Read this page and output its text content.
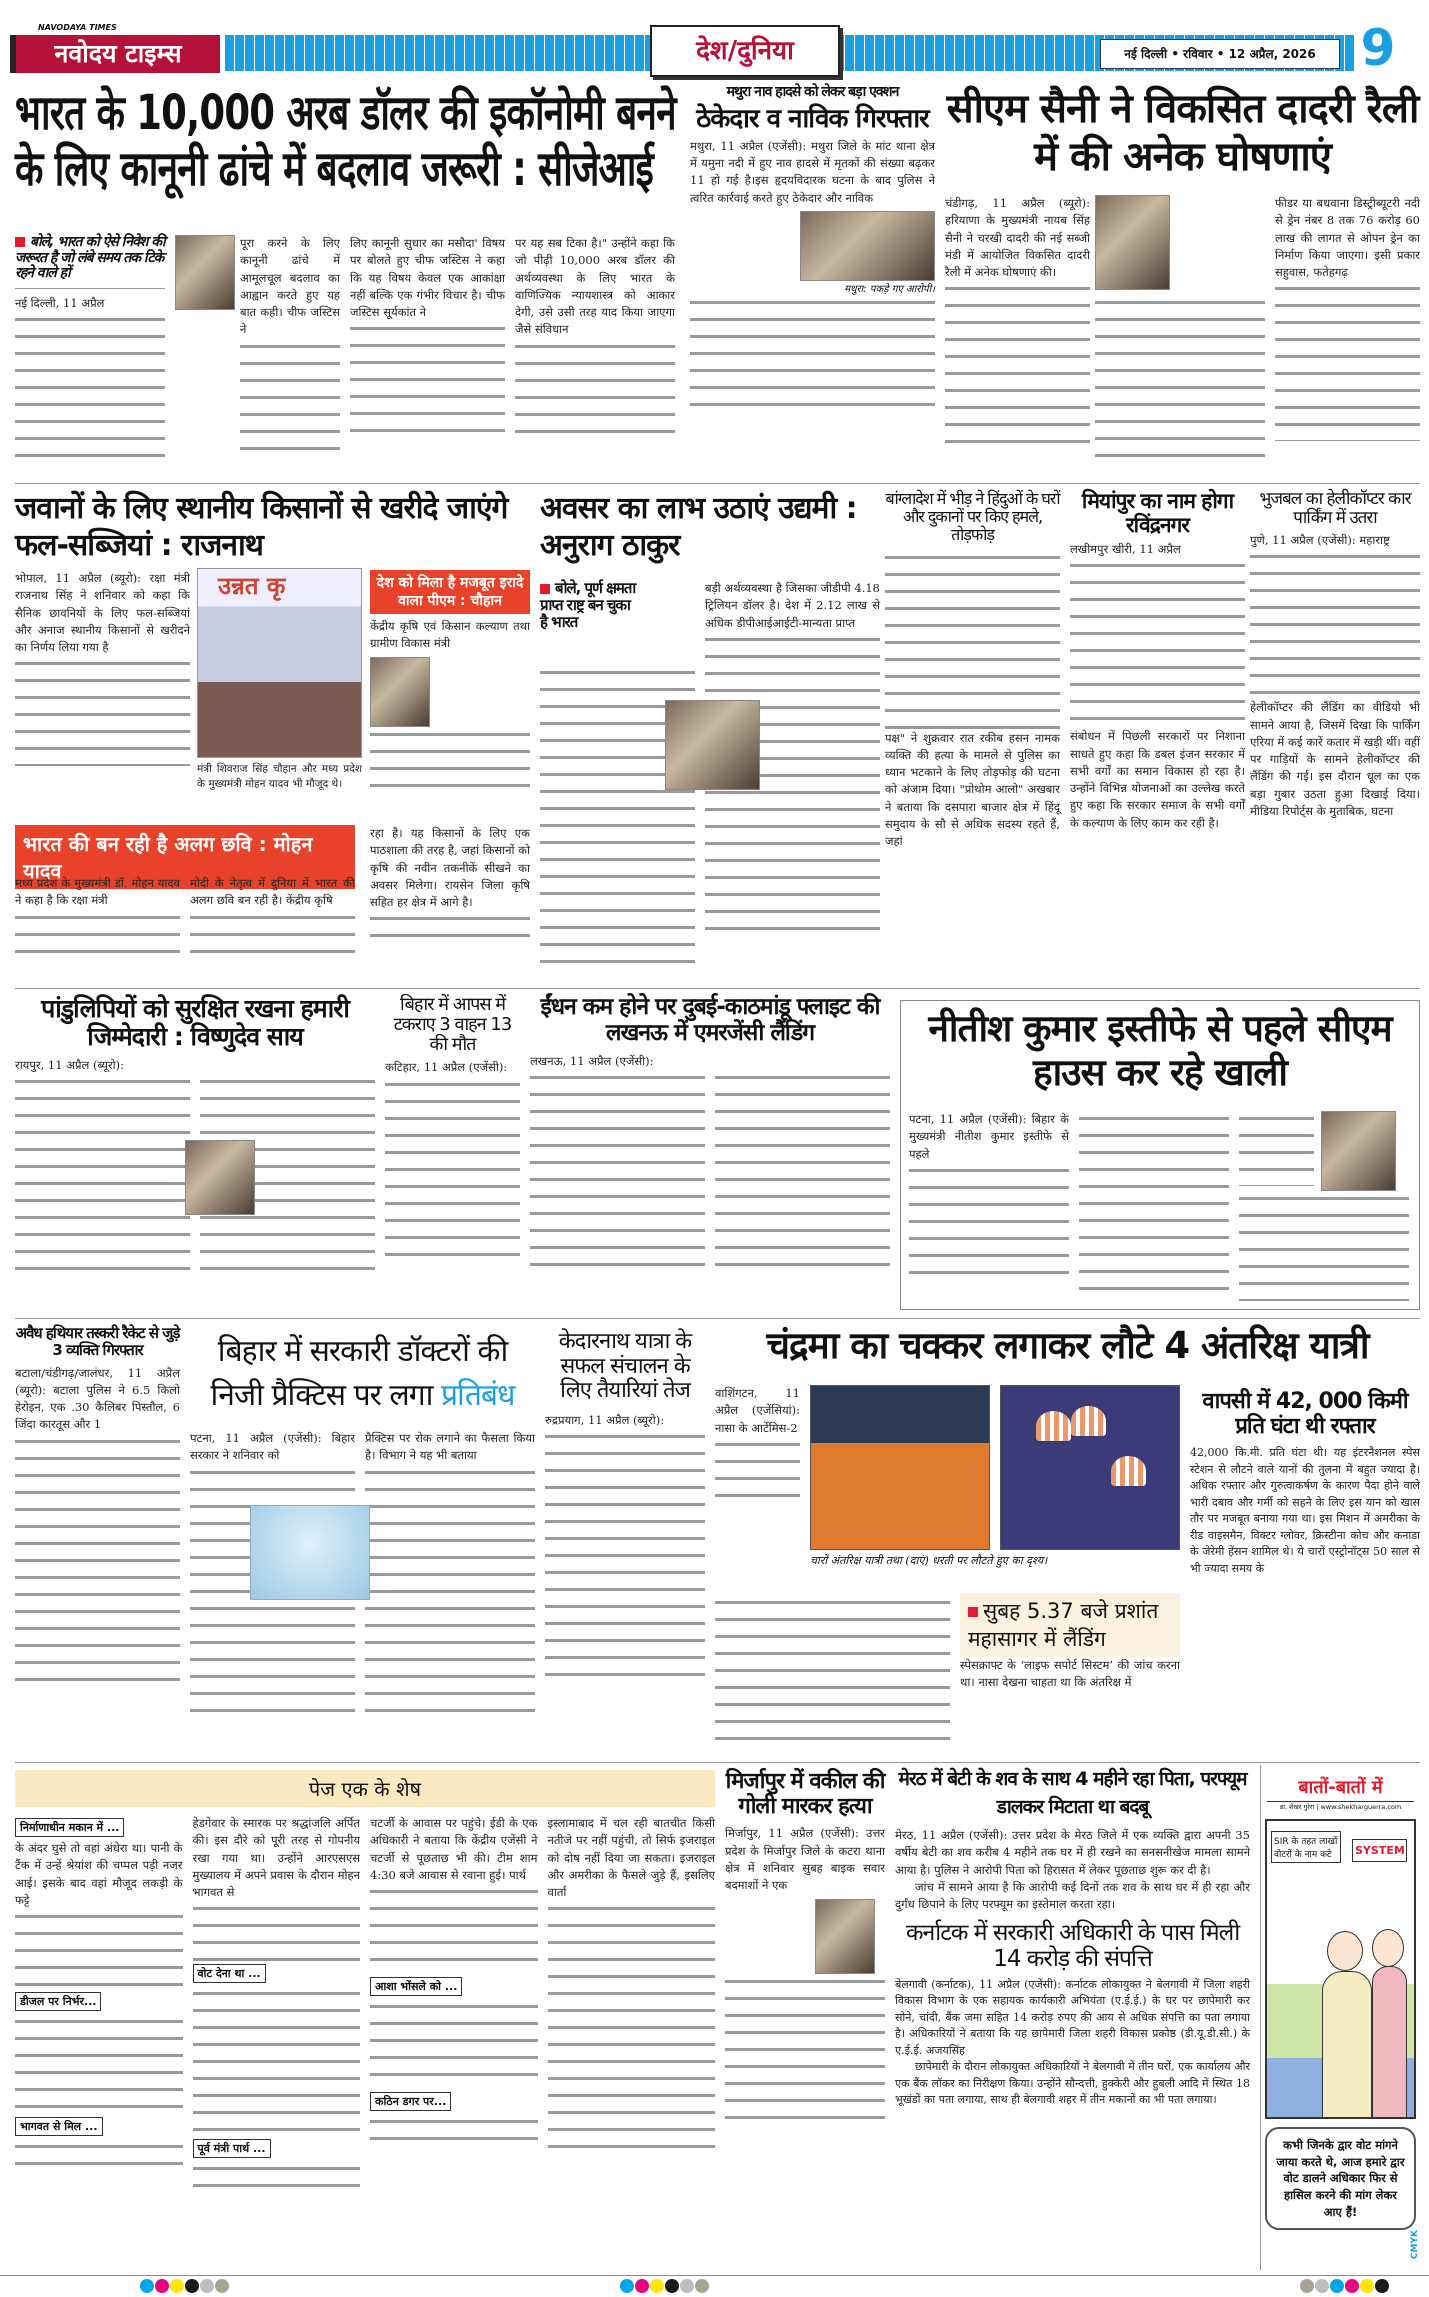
NAVODAYA TIMES
नवोदय टाइम्स	देश/दुनिया	नई दिल्ली • रविवार • 12 अप्रैल, 2026 9
भारत के 10,000 अरब डॉलर की इकॉनोमी बनने के लिए कानूनी ढांचे में बदलाव जरूरी : सीजेआई
बोले, भारत को ऐसे निवेश की जरूरत है जो लंबे समय तक टिके रहने वाले हों
नई दिल्ली, 11 अप्रैल
पूरा करने के लिए कानूनी ढांचे में आमूलचूल बदलाव का आह्वान करते हुए यह बात कही। चीफ जस्टिस ने
लिए कानूनी सुधार का मसौदा' विषय पर बोलते हुए चीफ जस्टिस ने कहा कि यह विषय केवल एक आकांक्षा नहीं बल्कि एक गंभीर विचार है। चीफ जस्टिस सूर्यकांत ने
पर यह सब टिका है।" उन्होंने कहा कि जो पीढ़ी 10,000 अरब डॉलर की अर्थव्यवस्था के लिए भारत के वाणिज्यिक न्यायशास्त्र को आकार देगी, उसे उसी तरह याद किया जाएगा जैसे संविधान
मथुरा नाव हादसे को लेकर बड़ा एक्शन
ठेकेदार व नाविक गिरफ्तार
मथुरा, 11 अप्रैल (एजेंसी): मथुरा जिले के मांट थाना क्षेत्र में यमुना नदी में हुए नाव हादसे में मृतकों की संख्या बढ़कर 11 हो गई है।इस हृदयविदारक घटना के बाद पुलिस ने त्वरित कार्रवाई करते हुए ठेकेदार और नाविक
मथुरा: पकड़े गए आरोपी।
सीएम सैनी ने विकसित दादरी रैली में की अनेक घोषणाएं
चंडीगढ़, 11 अप्रैल (ब्यूरो): हरियाणा के मुख्यमंत्री नायब सिंह सैनी ने चरखी दादरी की नई सब्जी मंडी में आयोजित विकसित दादरी रैली में अनेक घोषणाएं की।
फीडर या बधवाना डिस्ट्रीब्यूटरी नदी से ड्रेन नंबर 8 तक 76 करोड़ 60 लाख की लागत से ओपन ड्रेन का निर्माण किया जाएगा। इसी प्रकार सहुवास, फतेहगढ़
जवानों के लिए स्थानीय किसानों से खरीदे जाएंगे फल-सब्जियां : राजनाथ
भोपाल, 11 अप्रैल (ब्यूरो): रक्षा मंत्री राजनाथ सिंह ने शनिवार को कहा कि सैनिक छावनियों के लिए फल-सब्जियां और अनाज स्थानीय किसानों से खरीदने का निर्णय लिया गया है
उन्नत कृ
मंत्री शिवराज सिंह चौहान और मध्य प्रदेश के मुख्यमंत्री मोहन यादव भी मौजूद थे।
देश को मिला है मजबूत इरादे वाला पीएम : चौहान
केंद्रीय कृषि एवं किसान कल्याण तथा ग्रामीण विकास मंत्री
भारत की बन रही है अलग छवि : मोहन यादव
मध्य प्रदेश के मुख्यमंत्री डॉ. मोहन यादव ने कहा है कि रक्षा मंत्री
मोदी के नेतृत्व में दुनिया में भारत की अलग छवि बन रही है। केंद्रीय कृषि
रहा है। यह किसानों के लिए एक पाठशाला की तरह है, जहां किसानों को कृषि की नवीन तकनीकें सीखने का अवसर मिलेगा। रायसेन जिला कृषि सहित हर क्षेत्र में आगे है।
अवसर का लाभ उठाएं उद्यमी : अनुराग ठाकुर
बोले, पूर्ण क्षमता प्राप्त राष्ट्र बन चुका है भारत
बड़ी अर्थव्यवस्था है जिसका जीडीपी 4.18 ट्रिलियन डॉलर है। देश में 2.12 लाख से अधिक डीपीआईआईटी-मान्यता प्राप्त
बांग्लादेश में भीड़ ने हिंदुओं के घरों और दुकानों पर किए हमले, तोड़फोड़
पक्ष" ने शुक्रवार रात रकीब हसन नामक व्यक्ति की हत्या के मामले से पुलिस का ध्यान भटकाने के लिए तोड़फोड़ की घटना को अंजाम दिया। "प्रोथोम आलो" अखबार ने बताया कि दसपारा बाजार क्षेत्र में हिंदू समुदाय के सौ से अधिक सदस्य रहते हैं, जहां
मियांपुर का नाम होगा रविंद्रनगर
लखीमपुर खीरी, 11 अप्रैल
संबोधन में पिछली सरकारों पर निशाना साधते हुए कहा कि डबल इंजन सरकार में सभी वर्गों का समान विकास हो रहा है। उन्होंने विभिन्न योजनाओं का उल्लेख करते हुए कहा कि सरकार समाज के सभी वर्गों के कल्याण के लिए काम कर रही है।
भुजबल का हेलीकॉप्टर कार पार्किंग में उतरा
पुणे, 11 अप्रैल (एजेंसी): महाराष्ट्र
हेलीकॉप्टर की लैंडिंग का वीडियो भी सामने आया है, जिसमें दिखा कि पार्किंग एरिया में कई कारें कतार में खड़ी थीं। वहीं पर गाड़ियों के सामने हेलीकॉप्टर की लैंडिंग की गई। इस दौरान धूल का एक बड़ा गुबार उठता हुआ दिखाई दिया। मीडिया रिपोर्ट्स के मुताबिक, घटना
पांडुलिपियों को सुरक्षित रखना हमारी जिम्मेदारी : विष्णुदेव साय
रायपुर, 11 अप्रैल (ब्यूरो):
बिहार में आपस में टकराए 3 वाहन 13 की मौत
कटिहार, 11 अप्रैल (एजेंसी):
ईंधन कम होने पर दुबई-काठमांडू फ्लाइट की लखनऊ में एमरजेंसी लैंडिंग
लखनऊ, 11 अप्रैल (एजेंसी):
नीतीश कुमार इस्तीफे से पहले सीएम हाउस कर रहे खाली
पटना, 11 अप्रैल (एजेंसी): बिहार के मुख्यमंत्री नीतीश कुमार इस्तीफे से पहले
अवैध हथियार तस्करी रैकेट से जुड़े 3 व्यक्ति गिरफ्तार
बटाला/चंडीगढ़/जालंधर, 11 अप्रैल (ब्यूरो): बटाला पुलिस ने 6.5 किलो हेरोइन, एक .30 कैलिबर पिस्तौल, 6 जिंदा कारतूस और 1
बिहार में सरकारी डॉक्टरों की निजी प्रैक्टिस पर लगा प्रतिबंध
पटना, 11 अप्रैल (एजेंसी): बिहार सरकार ने शनिवार को
प्रैक्टिस पर रोक लगाने का फैसला किया है। विभाग ने यह भी बताया
केदारनाथ यात्रा के सफल संचालन के लिए तैयारियां तेज
रुद्रप्रयाग, 11 अप्रैल (ब्यूरो):
चंद्रमा का चक्कर लगाकर लौटे 4 अंतरिक्ष यात्री
वाशिंगटन, 11 अप्रैल (एजेंसियां): नासा के आर्टेमिस-2
चारों अंतरिक्ष यात्री तथा (दाएं) धरती पर लौटते हुए का दृश्य।
सुबह 5.37 बजे प्रशांत महासागर में लैंडिंग
स्पेसक्राफ्ट के ‘लाइफ सपोर्ट सिस्टम’ की जांच करना था। नासा देखना चाहता था कि अंतरिक्ष में
वापसी में 42, 000 किमी प्रति घंटा थी रफ्तार
42,000 कि.मी. प्रति घंटा थी। यह इंटरनैशनल स्पेस स्टेशन से लौटने वाले यानों की तुलना में बहुत ज्यादा है। अधिक रफ्तार और गुरुत्वाकर्षण के कारण पैदा होने वाले भारी दबाव और गर्मी को सहने के लिए इस यान को खास तौर पर मजबूत बनाया गया था। इस मिशन में अमरीका के रीड वाइसमैन, विक्टर ग्लोवर, क्रिस्टीना कोच और कनाडा के जेरेमी हेंसन शामिल थे। ये चारों एस्ट्रोनॉट्स 50 साल से भी ज्यादा समय के
पेज एक के शेष
निर्माणाधीन मकान में ...
के अंदर घुसे तो वहां अंधेरा था। पानी के टैंक में उन्हें श्रेयांश की चप्पल पड़ी नजर आई। इसके बाद वहां मौजूद लकड़ी के फट्टे
डीजल पर निर्भर...
भागवत से मिल ...
हेडगेवार के स्मारक पर श्रद्धांजलि अर्पित की। इस दौरे को पूरी तरह से गोपनीय रखा गया था। उन्होंने आरएसएस मुख्यालय में अपने प्रवास के दौरान मोहन भागवत से
वोट देना था ...
पूर्व मंत्री पार्थ ...
चटर्जी के आवास पर पहुंचे। ईडी के एक अधिकारी ने बताया कि केंद्रीय एजेंसी ने चटर्जी से पूछताछ भी की। टीम शाम 4:30 बजे आवास से रवाना हुई। पार्थ
आशा भोंसले को ...
कठिन डगर पर...
इस्लामाबाद में चल रही बातचीत किसी नतीजे पर नहीं पहुंची, तो सिर्फ इजराइल को दोष नहीं दिया जा सकता। इजराइल और अमरीका के फैसले जुड़े हैं, इसलिए वार्ता
मिर्जापुर में वकील की गोली मारकर हत्या
मिर्जापुर, 11 अप्रैल (एजेंसी): उत्तर प्रदेश के मिर्जापुर जिले के कटरा थाना क्षेत्र में शनिवार सुबह बाइक सवार बदमाशों ने एक
मेरठ में बेटी के शव के साथ 4 महीने रहा पिता, परफ्यूम डालकर मिटाता था बदबू
मेरठ, 11 अप्रैल (एजेंसी): उत्तर प्रदेश के मेरठ जिले में एक व्यक्ति द्वारा अपनी 35 वर्षीय बेटी का शव करीब 4 महीने तक घर में ही रखने का सनसनीखेज मामला सामने आया है। पुलिस ने आरोपी पिता को हिरासत में लेकर पूछताछ शुरू कर दी है।
जांच में सामने आया है कि आरोपी कई दिनों तक शव के साथ घर में ही रहा और दुर्गंध छिपाने के लिए परफ्यूम का इस्तेमाल करता रहा।
कर्नाटक में सरकारी अधिकारी के पास मिली 14 करोड़ की संपत्ति
बेलगावी (कर्नाटक), 11 अप्रैल (एजेंसी): कर्नाटक लोकायुक्त ने बेलगावी में जिला शहरी विकास विभाग के एक सहायक कार्यकारी अभियंता (ए.ई.ई.) के घर पर छापेमारी कर सोने, चांदी, बैंक जमा सहित 14 करोड़ रुपए की आय से अधिक संपत्ति का पता लगाया है। अधिकारियों ने बताया कि यह छापेमारी जिला शहरी विकास प्रकोष्ठ (डी.यू.डी.सी.) के ए.ई.ई. अजयसिंह
छापेमारी के दौरान लोकायुक्त अधिकारियों ने बेलगावी में तीन घरों, एक कार्यालय और एक बैंक लॉकर का निरीक्षण किया। उन्होंने सौन्दत्ती, हुक्केरी और हुबली आदि में स्थित 18 भूखंडों का पता लगाया, साथ ही बेलगावी शहर में तीन मकानों का भी पता लगाया।
बातों-बातों में
डा. शेखर गुरेरा | www.shekharguerra.com
SIR के तहत लाखों वोटरों के नाम कटे	SYSTEM
कभी जिनके द्वार वोट मांगने जाया करते थे, आज हमारे द्वार वोट डालने अधिकार फिर से हासिल करने की मांग लेकर आए हैं!
CMYK
